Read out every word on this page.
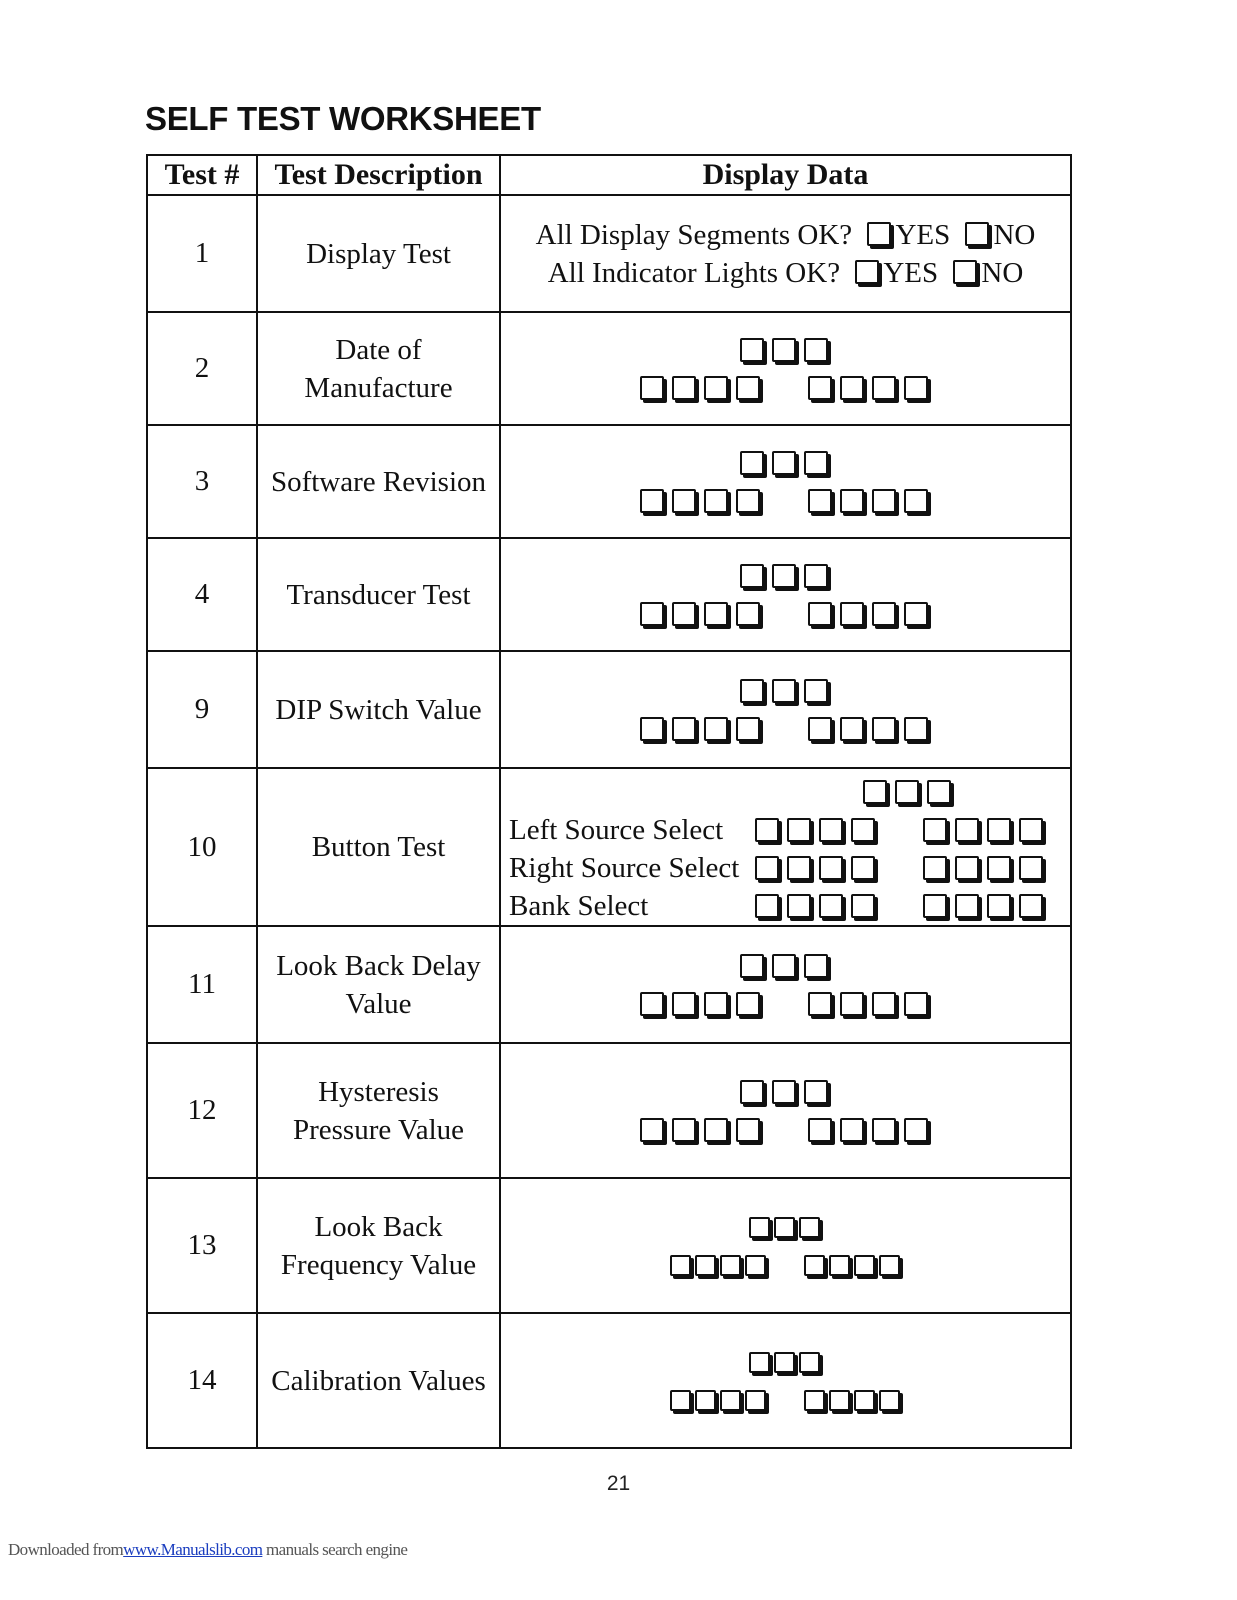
SELF TEST WORKSHEET
Test #	Test Description	Display Data
1	Display Test	All Display Segments OK? YES NO
All Indicator Lights OK? YES NO

2	Date of
Manufacture	

3	Software Revision	

4	Transducer Test	

9	DIP Switch Value	

10	Button Test	Left Source Select
Right Source Select
Bank Select

11	Look Back Delay
Value	

12	Hysteresis
Pressure Value	

13	Look Back
Frequency Value	

14	Calibration Values	
21
Downloaded fromwww.Manualslib.com manuals search engine
